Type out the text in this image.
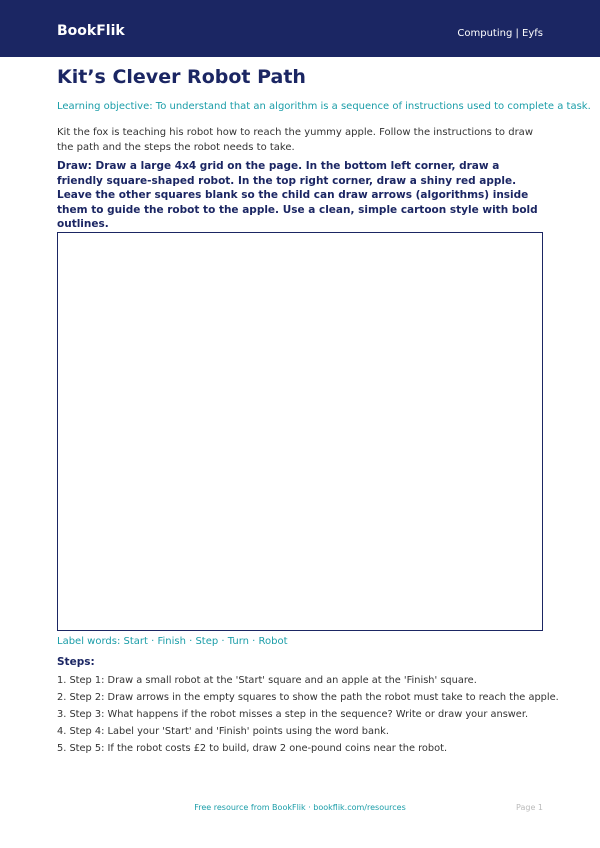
BookFlik	Computing | Eyfs
Kit’s Clever Robot Path
Learning objective: To understand that an algorithm is a sequence of instructions used to complete a task.
Kit the fox is teaching his robot how to reach the yummy apple. Follow the instructions to draw the path and the steps the robot needs to take.
Draw: Draw a large 4x4 grid on the page. In the bottom left corner, draw a friendly square-shaped robot. In the top right corner, draw a shiny red apple. Leave the other squares blank so the child can draw arrows (algorithms) inside them to guide the robot to the apple. Use a clean, simple cartoon style with bold outlines.
Label words: Start · Finish · Step · Turn · Robot
Steps:
1. Step 1: Draw a small robot at the 'Start' square and an apple at the 'Finish' square.
2. Step 2: Draw arrows in the empty squares to show the path the robot must take to reach the apple.
3. Step 3: What happens if the robot misses a step in the sequence? Write or draw your answer.
4. Step 4: Label your 'Start' and 'Finish' points using the word bank.
5. Step 5: If the robot costs £2 to build, draw 2 one-pound coins near the robot.
Free resource from BookFlik · bookflik.com/resources	Page 1
